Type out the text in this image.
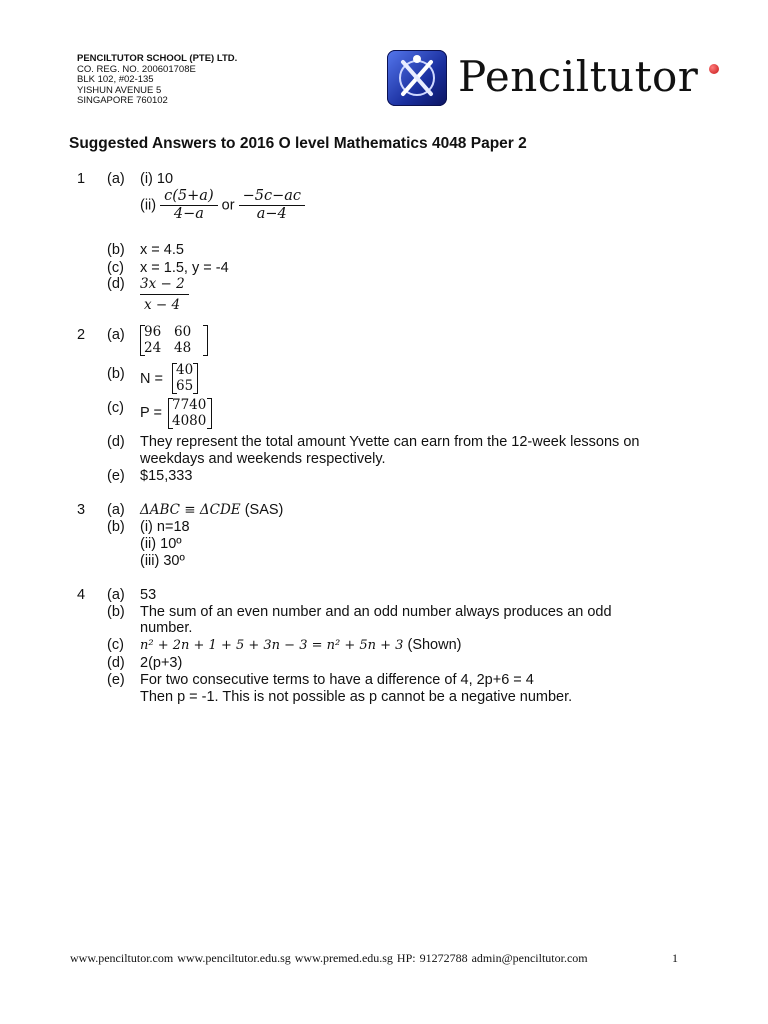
PENCILTUTOR SCHOOL (PTE) LTD.
CO. REG. NO. 200601708E
BLK 102, #02-135
YISHUN AVENUE 5
SINGAPORE 760102	Penciltutor
Suggested Answers to 2016 O level Mathematics 4048 Paper 2
1 (a) (i) 10
$(ii) \frac{c(5+a)}{4-a}$ or $\frac{-5c-ac}{a-4}$
(b) x = 4.5
(c) x = 1.5, y = -4
$(d) \frac{3x - 2}{x - 4}$
2 (a) 96 60
24 48
(b) N =
40
65
(c) P = 7740
4080
(d) They represent the total amount Yvette can earn from the 12-week lessons on
weekdays and weekends respectively.
(e) $15,333
3 (a) ΔABC ≡ ΔCDE (SAS)
(b) (i) n=18
(ii) 10º
(iii) 30º
4 (a) 53
(b) The sum of an even number and an odd number always produces an odd
number.
(c) n² + 2n + 1 + 5 + 3n − 3 = n² + 5n + 3 (Shown)
(d) 2(p+3)
(e) For two consecutive terms to have a difference of 4, 2p+6 = 4
Then p = -1. This is not possible as p cannot be a negative number.
www.penciltutor.com www.penciltutor.edu.sg www.premed.edu.sg HP: 91272788 admin@penciltutor.com	1
